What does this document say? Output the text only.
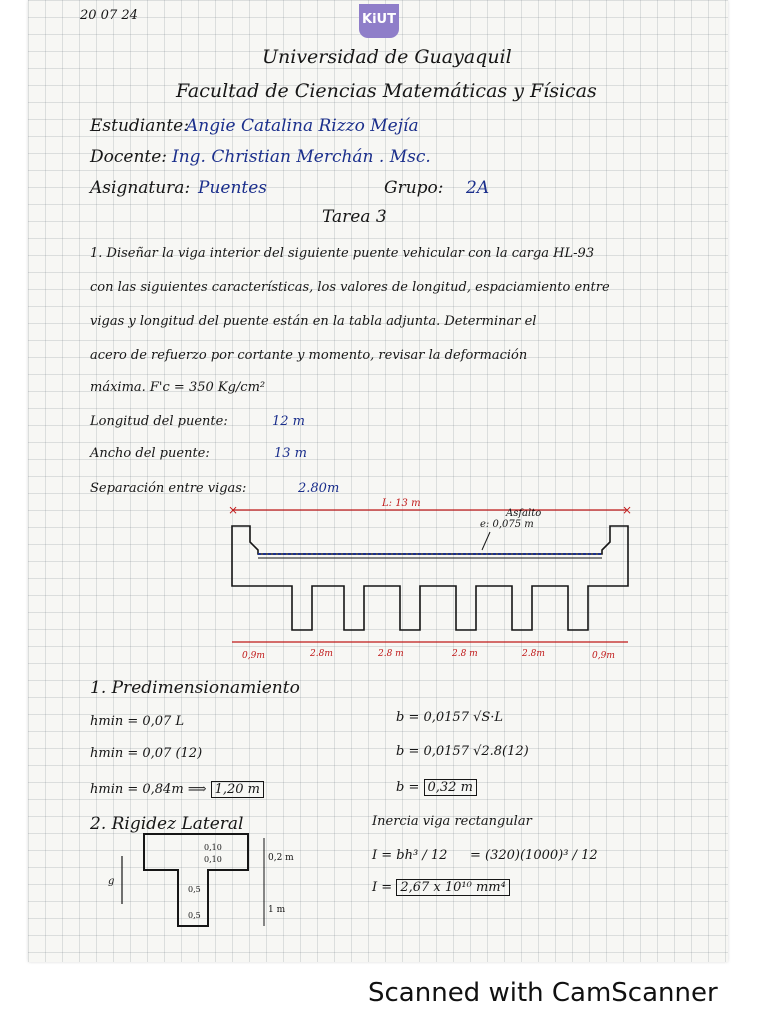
20 07 24	KiUT
Universidad de Guayaquil
Facultad de Ciencias Matemáticas y Físicas
Estudiante:
Angie Catalina Rizzo Mejía
Docente: Ing. Christian Merchán . Msc.
Asignatura: Puentes	Grupo: 2A
Tarea 3
1. Diseñar la viga interior del siguiente puente vehicular con la carga HL-93
con las siguientes características, los valores de longitud, espaciamiento entre
vigas y longitud del puente están en la tabla adjunta. Determinar el
acero de refuerzo por cortante y momento, revisar la deformación
máxima. F'c = 350 Kg/cm²
Longitud del puente:	12 m
Ancho del puente:	13 m
Separación entre vigas:	2.80m
×	×
L: 13 m
Asfalto
e: 0,075 m
0,9m	2.8m	2.8 m	2.8 m	2.8m	0,9m
1. Predimensionamiento
hmin = 0,07 L
hmin = 0,07 (12)
hmin = 0,84m ⟹ 1,20 m
b = 0,0157 √S·L
b = 0,0157 √2.8(12)
b = 0,32 m
2. Rigidez Lateral
g
0,10
0,10	0,2 m
0,5
0,5
1 m
Inercia viga rectangular
I = bh³ / 12 = (320)(1000)³ / 12
I = 2,67 x 10¹⁰ mm⁴
Scanned with CamScanner
